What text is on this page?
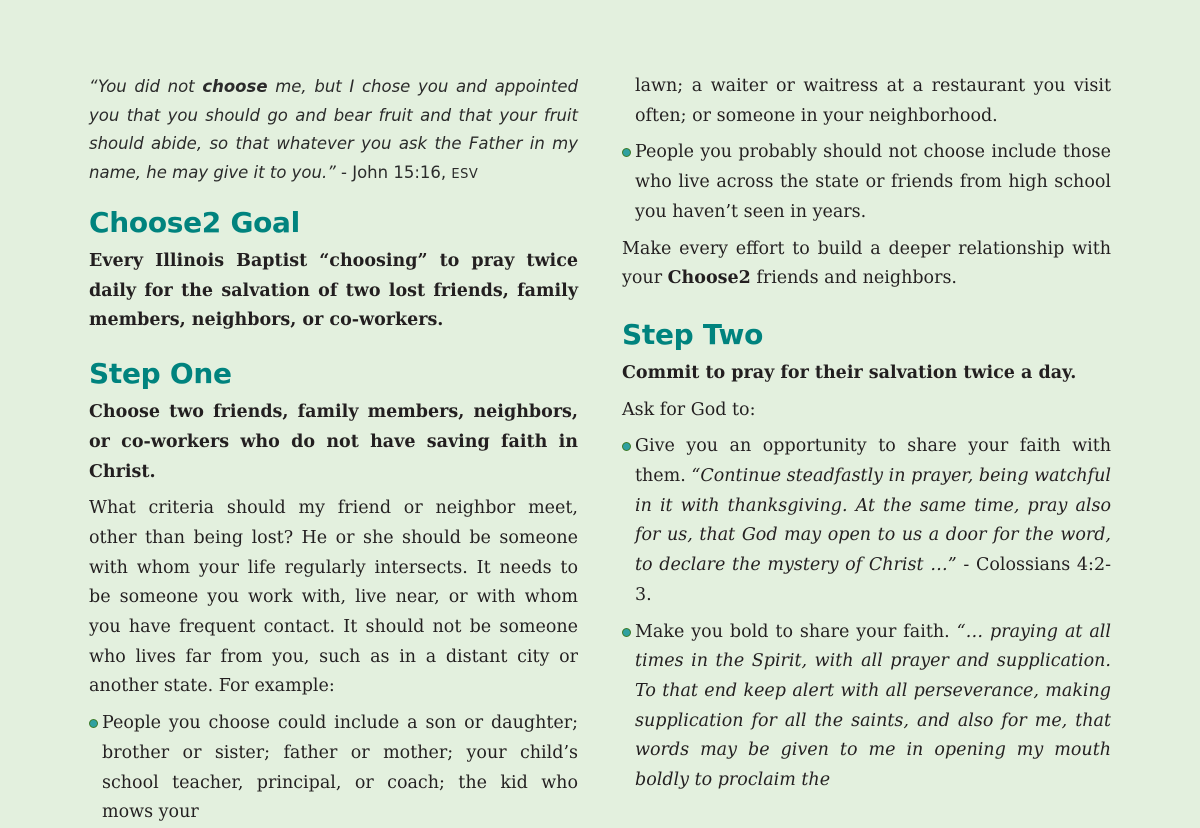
“You did not choose me, but I chose you and appointed you that you should go and bear fruit and that your fruit should abide, so that whatever you ask the Father in my name, he may give it to you.” - John 15:16, ESV

Choose2 Goal

Every Illinois Baptist “choosing” to pray twice daily for the salvation of two lost friends, family members, neighbors, or co-workers.

Step One

Choose two friends, family members, neighbors, or co-workers who do not have saving faith in Christ.

What criteria should my friend or neighbor meet, other than being lost? He or she should be someone with whom your life regularly intersects. It needs to be someone you work with, live near, or with whom you have frequent contact. It should not be someone who lives far from you, such as in a distant city or another state. For example:

People you choose could include a son or daughter; brother or sister; father or mother; your child’s school teacher, principal, or coach; the kid who mows your

lawn; a waiter or waitress at a restaurant you visit often; or someone in your neighborhood.

People you probably should not choose include those who live across the state or friends from high school you haven’t seen in years.

Make every effort to build a deeper relationship with your Choose2 friends and neighbors.

Step Two

Commit to pray for their salvation twice a day.

Ask for God to:

Give you an opportunity to share your faith with them. “Continue steadfastly in prayer, being watchful in it with thanksgiving. At the same time, pray also for us, that God may open to us a door for the word, to declare the mystery of Christ …” - Colossians 4:2-3.

Make you bold to share your faith. “… praying at all times in the Spirit, with all prayer and supplication. To that end keep alert with all perseverance, making supplication for all the saints, and also for me, that words may be given to me in opening my mouth boldly to proclaim the
